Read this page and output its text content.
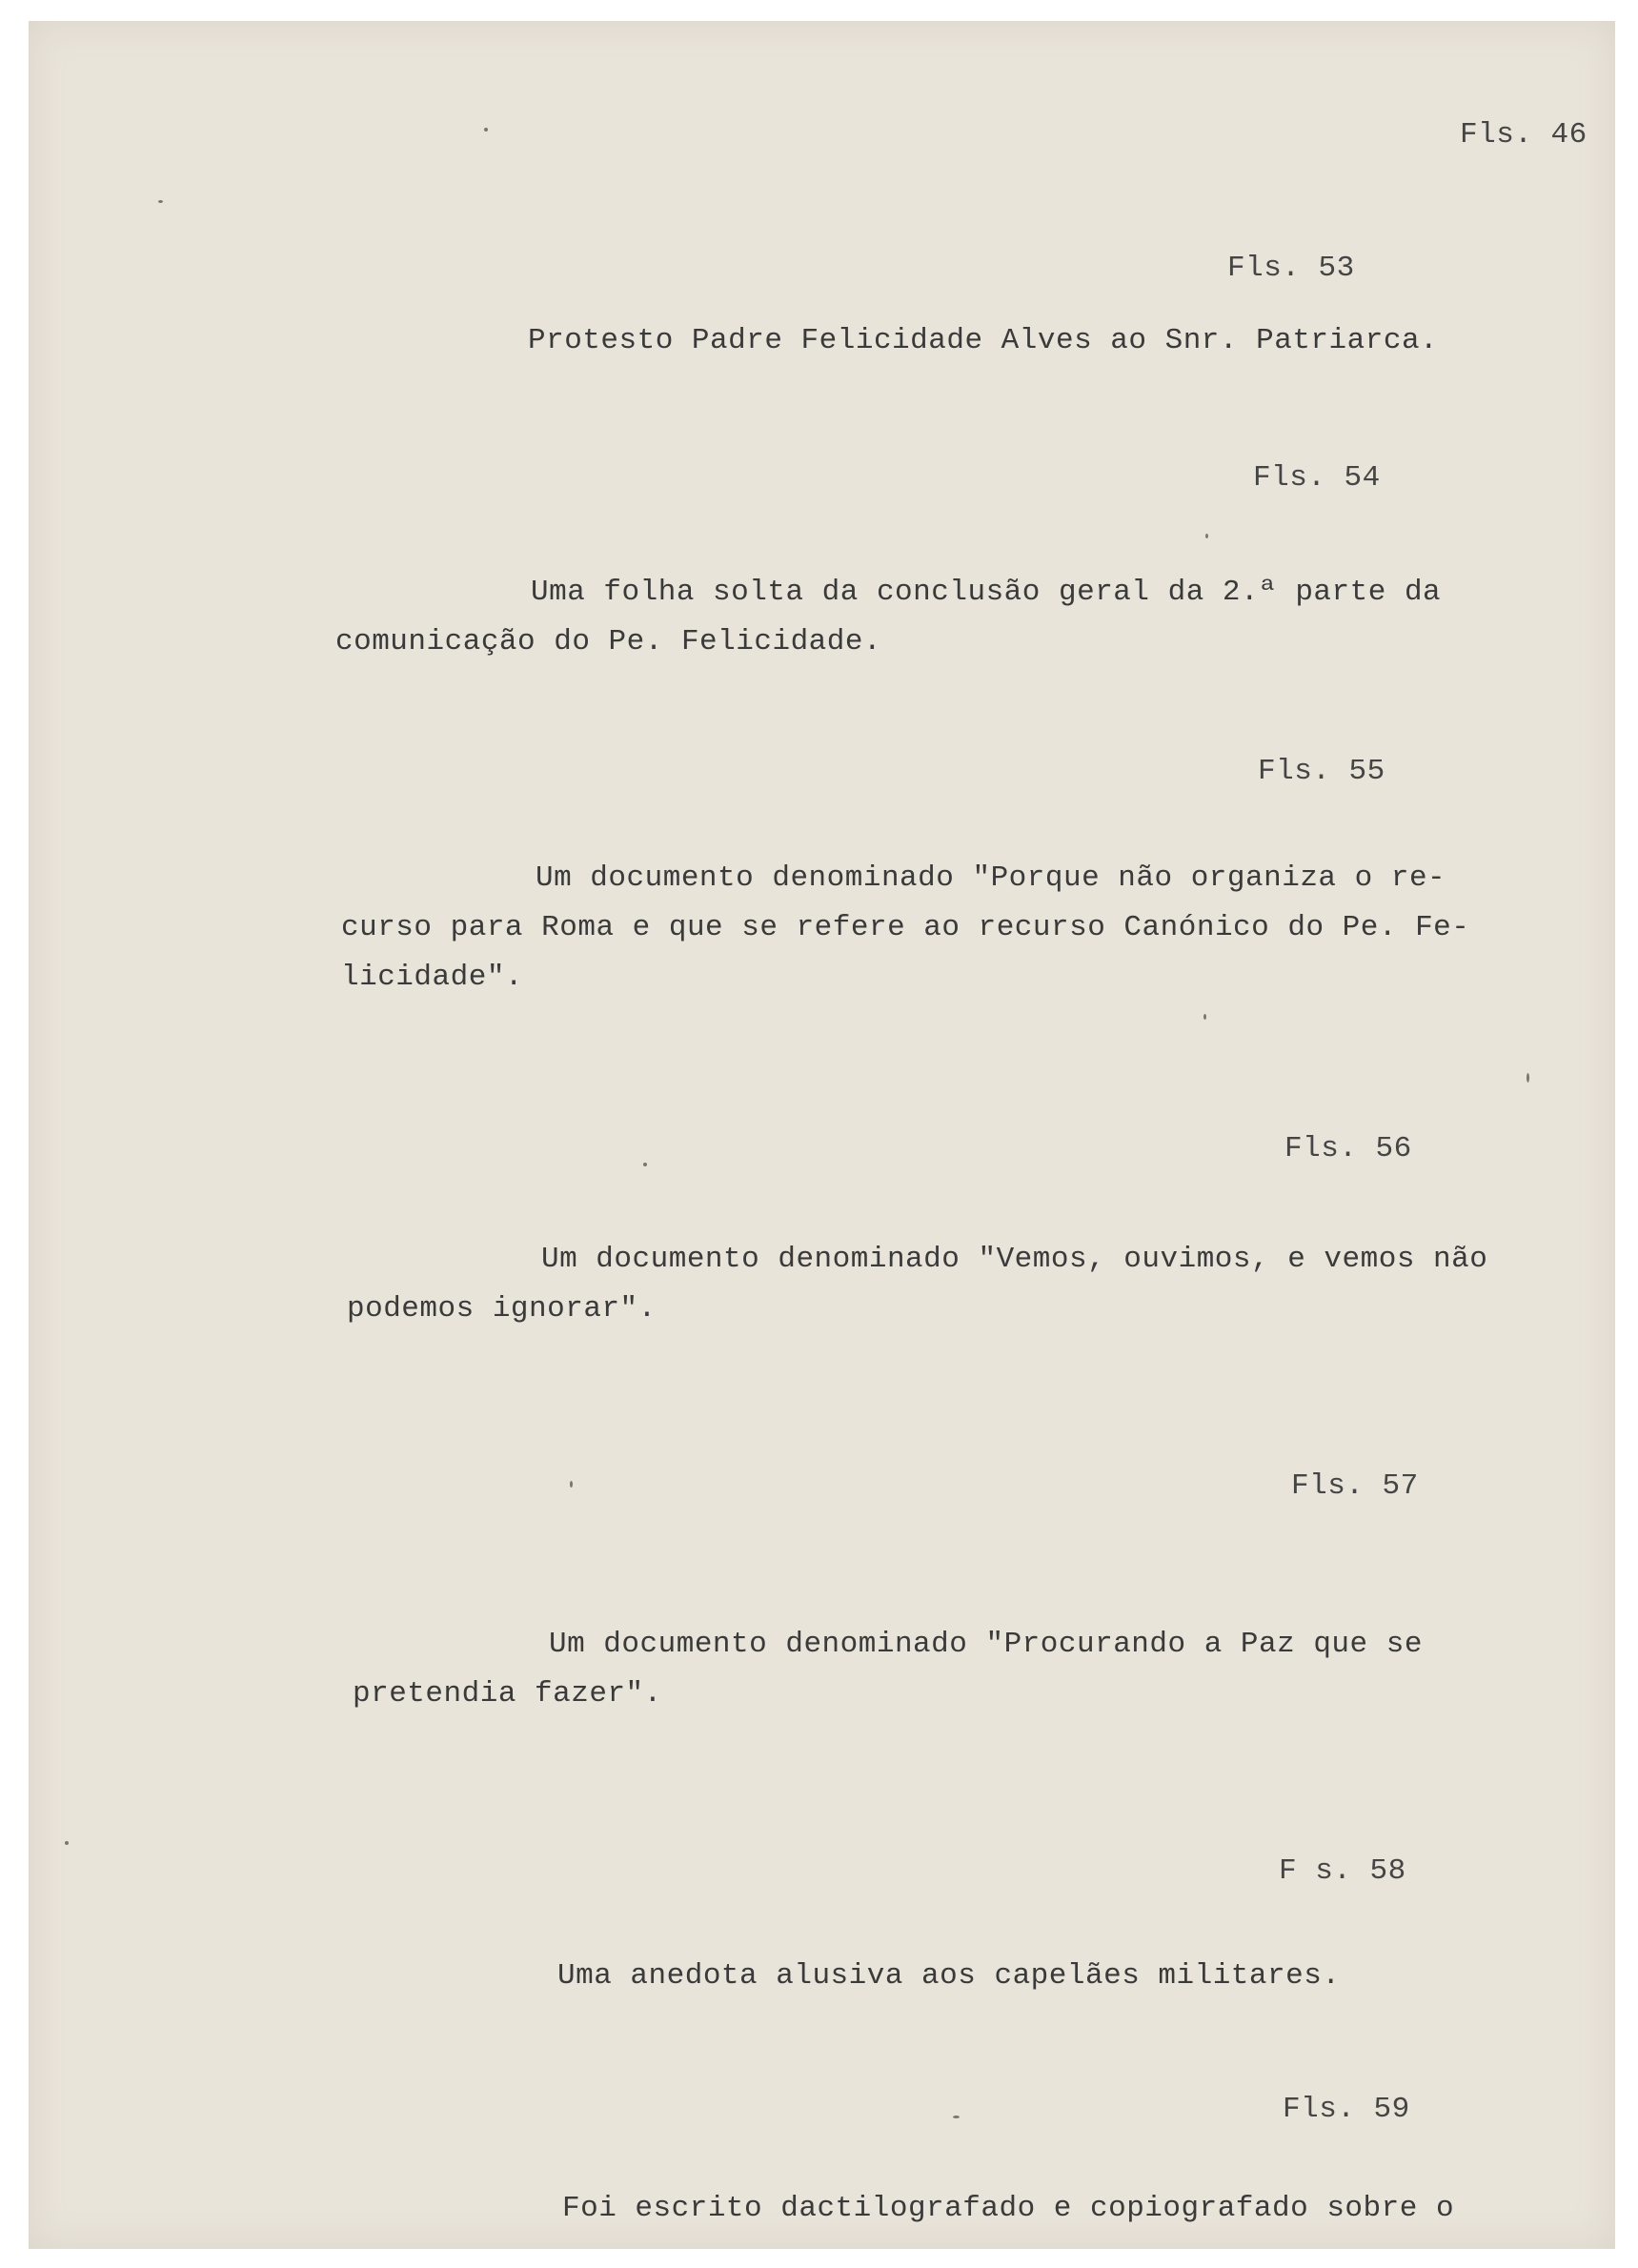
Fls. 46
Fls. 53
Protesto Padre Felicidade Alves ao Snr. Patriarca.
Fls. 54
Uma folha solta da conclusão geral da 2.ª parte da
comunicação do Pe. Felicidade.
Fls. 55
Um documento denominado "Porque não organiza o re-
curso para Roma e que se refere ao recurso Canónico do Pe. Fe-
licidade".
Fls. 56
Um documento denominado "Vemos, ouvimos, e vemos não
podemos ignorar".
Fls. 57
Um documento denominado "Procurando a Paz que se
pretendia fazer".
F s. 58
Uma anedota alusiva aos capelães militares.
Fls. 59
Foi escrito dactilografado e copiografado sobre o
